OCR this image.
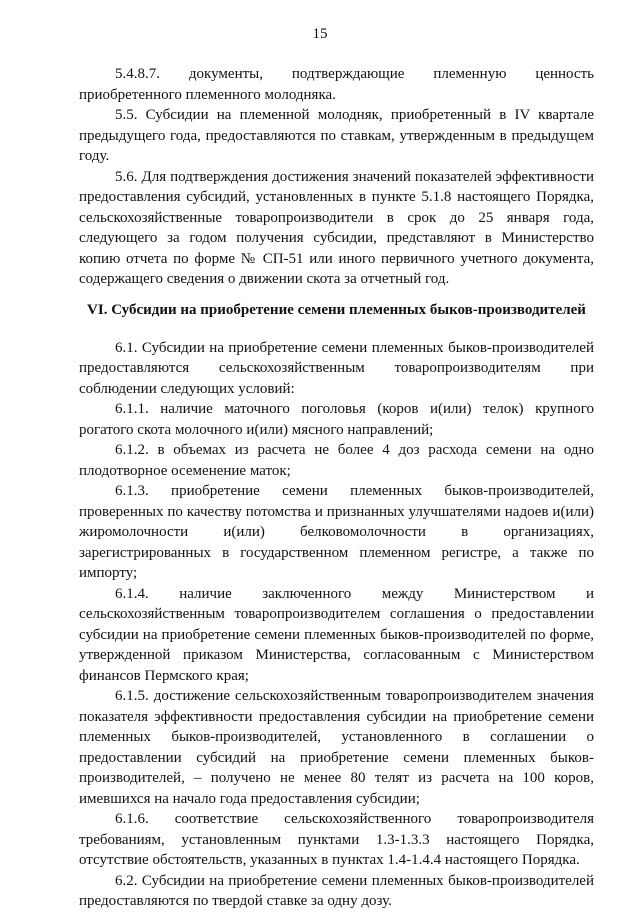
15

5.4.8.7. документы, подтверждающие племенную ценность приобретенного племенного молодняка.

5.5. Субсидии на племенной молодняк, приобретенный в IV квартале предыдущего года, предоставляются по ставкам, утвержденным в предыдущем году.

5.6. Для подтверждения достижения значений показателей эффективности предоставления субсидий, установленных в пункте 5.1.8 настоящего Порядка, сельскохозяйственные товаропроизводители в срок до 25 января года, следующего за годом получения субсидии, представляют в Министерство копию отчета по форме № СП-51 или иного первичного учетного документа, содержащего сведения о движении скота за отчетный год.

VI. Субсидии на приобретение семени племенных быков-производителей

6.1. Субсидии на приобретение семени племенных быков-производителей предоставляются сельскохозяйственным товаропроизводителям при соблюдении следующих условий:

6.1.1. наличие маточного поголовья (коров и(или) телок) крупного рогатого скота молочного и(или) мясного направлений;

6.1.2. в объемах из расчета не более 4 доз расхода семени на одно плодотворное осеменение маток;

6.1.3. приобретение семени племенных быков-производителей, проверенных по качеству потомства и признанных улучшателями надоев и(или) жиромолочности и(или) белковомолочности в организациях, зарегистрированных в государственном племенном регистре, а также по импорту;

6.1.4. наличие заключенного между Министерством и сельскохозяйственным товаропроизводителем соглашения о предоставлении субсидии на приобретение семени племенных быков-производителей по форме, утвержденной приказом Министерства, согласованным с Министерством финансов Пермского края;

6.1.5. достижение сельскохозяйственным товаропроизводителем значения показателя эффективности предоставления субсидии на приобретение семени племенных быков-производителей, установленного в соглашении о предоставлении субсидий на приобретение семени племенных быков-производителей, – получено не менее 80 телят из расчета на 100 коров, имевшихся на начало года предоставления субсидии;

6.1.6. соответствие сельскохозяйственного товаропроизводителя требованиям, установленным пунктами 1.3-1.3.3 настоящего Порядка, отсутствие обстоятельств, указанных в пунктах 1.4-1.4.4 настоящего Порядка.

6.2. Субсидии на приобретение семени племенных быков-производителей предоставляются по твердой ставке за одну дозу.
